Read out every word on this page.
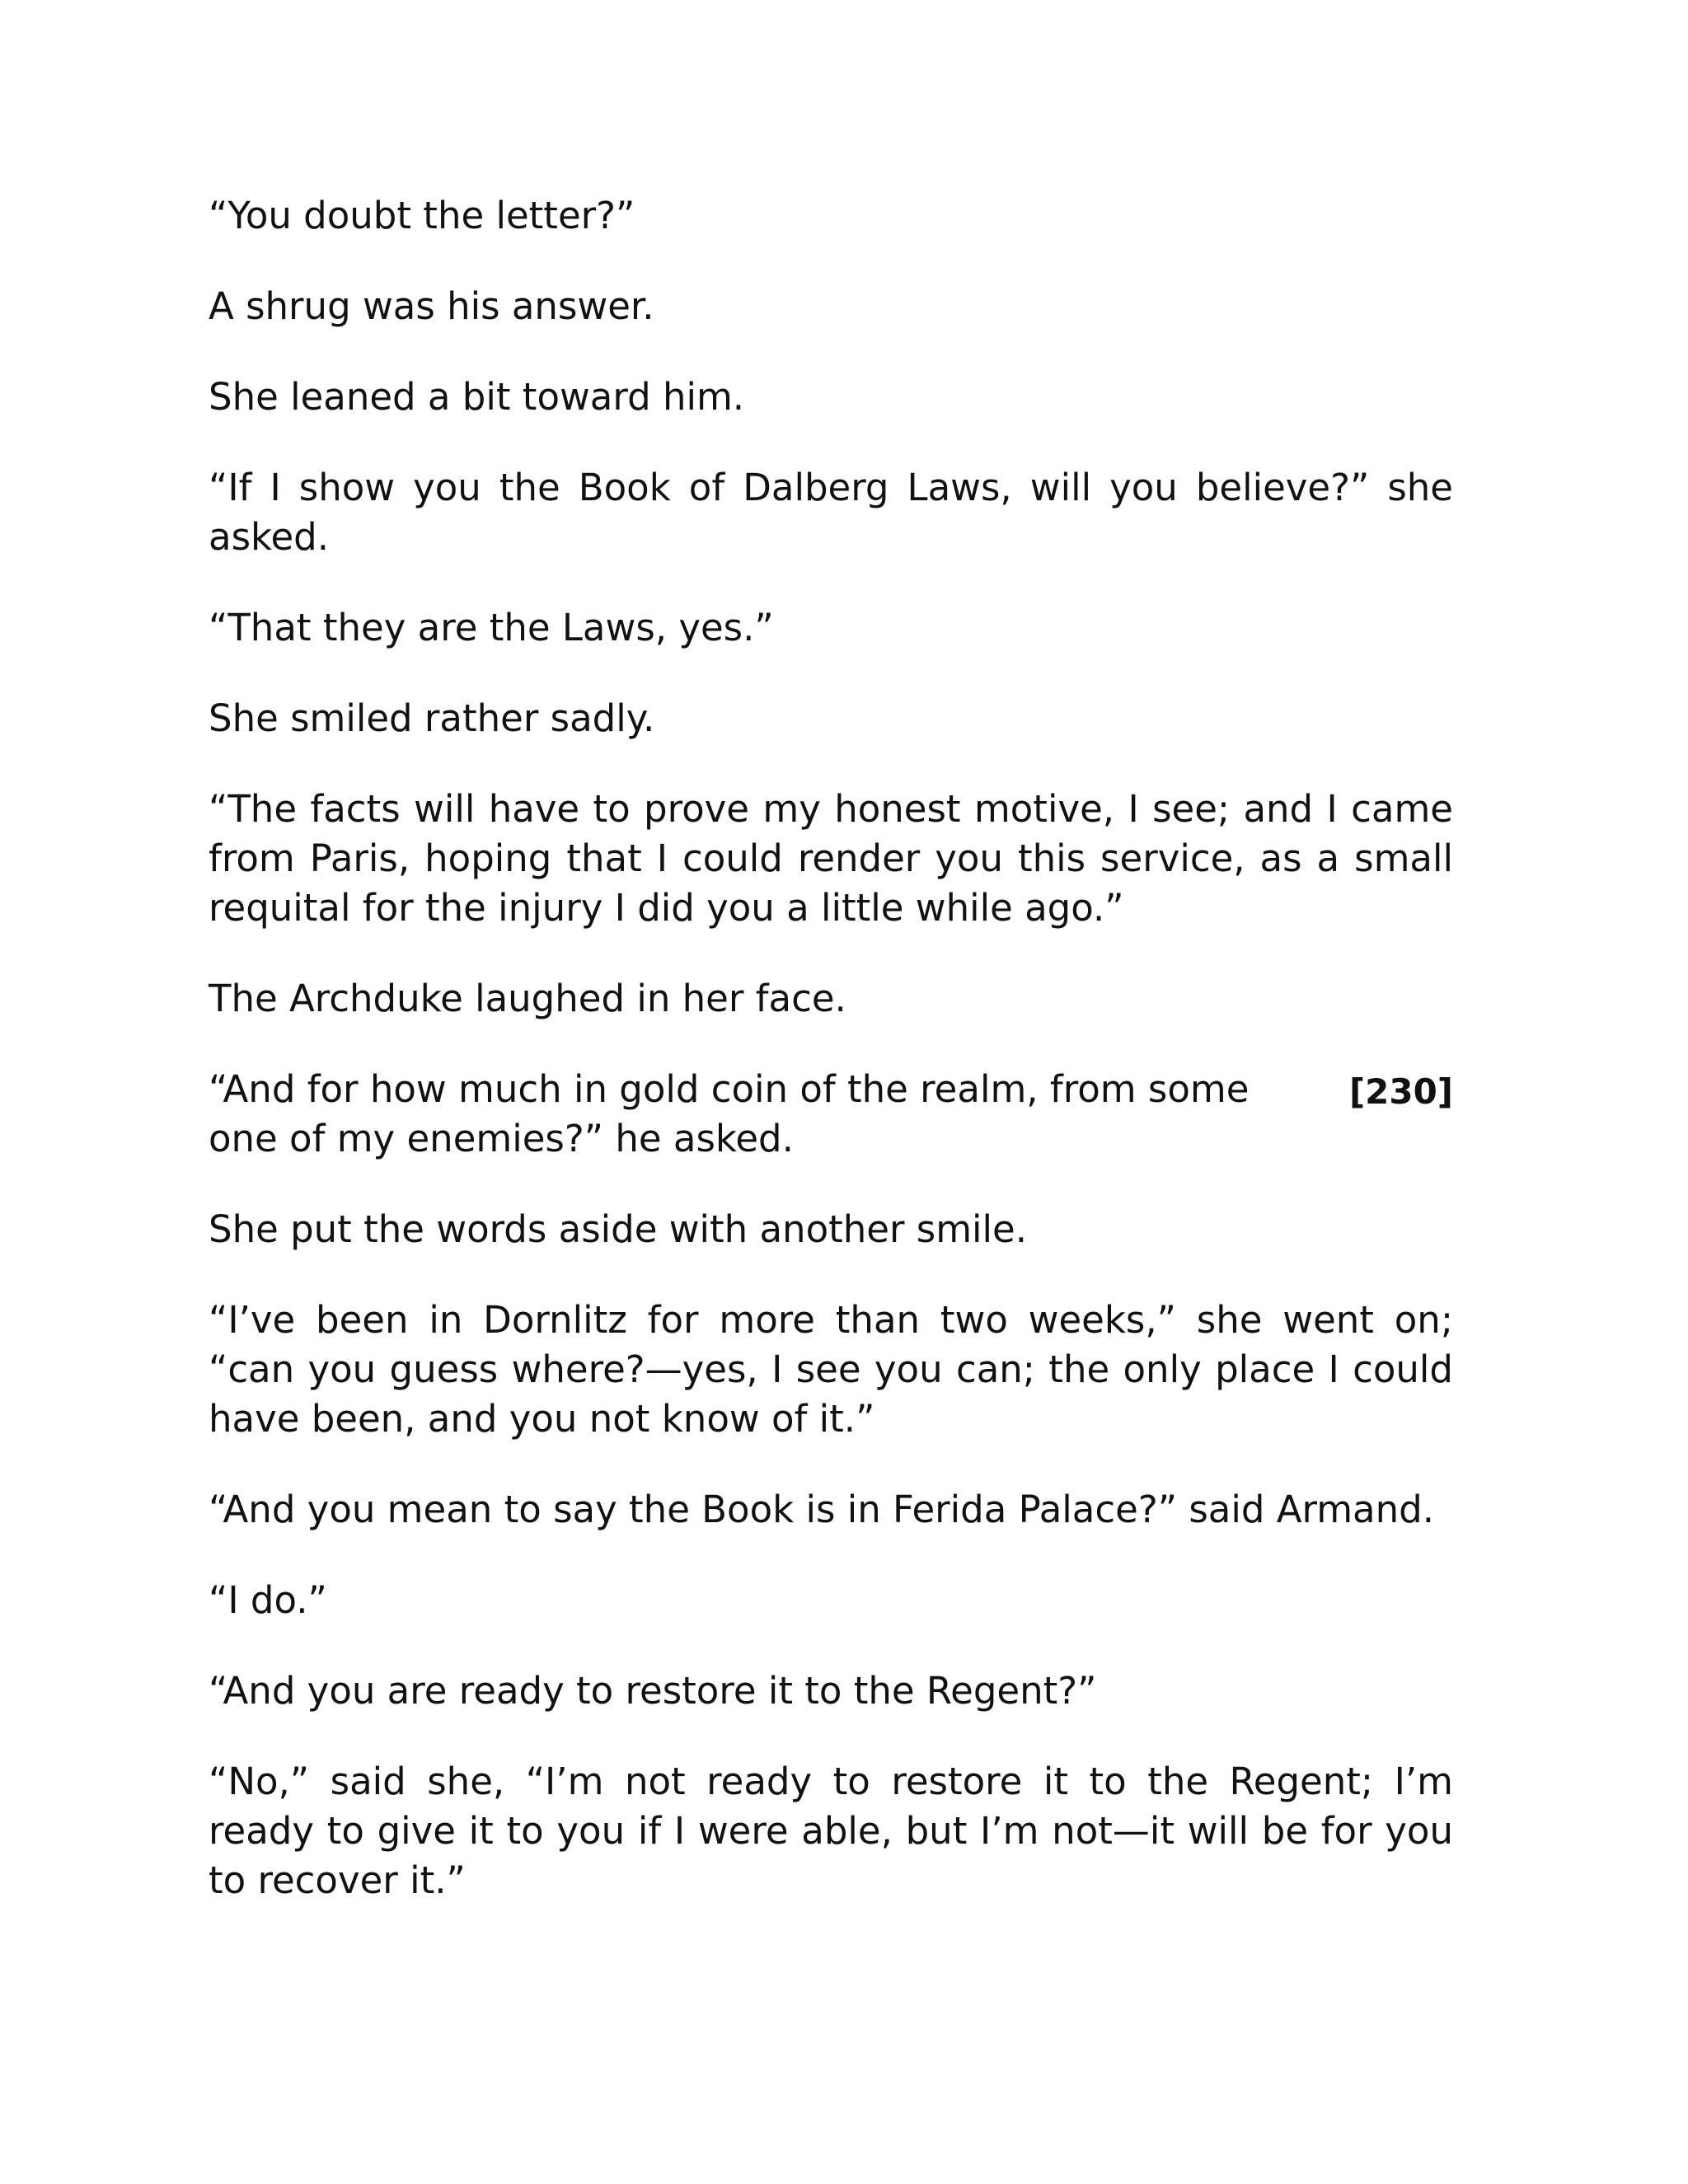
“You doubt the letter?”

A shrug was his answer.

She leaned a bit toward him.

“If I show you the Book of Dalberg Laws, will you believe?” she asked.

“That they are the Laws, yes.”

She smiled rather sadly.

“The facts will have to prove my honest motive, I see; and I came from Paris, hoping that I could render you this service, as a small requital for the injury I did you a little while ago.”

The Archduke laughed in her face.

“And for how much in gold coin of the realm, from some one of my enemies?” he asked.
[230]

She put the words aside with another smile.

“I’ve been in Dornlitz for more than two weeks,” she went on; “can you guess where?—yes, I see you can; the only place I could have been, and you not know of it.”

“And you mean to say the Book is in Ferida Palace?” said Armand.

“I do.”

“And you are ready to restore it to the Regent?”

“No,” said she, “I’m not ready to restore it to the Regent; I’m ready to give it to you if I were able, but I’m not—it will be for you to recover it.”
